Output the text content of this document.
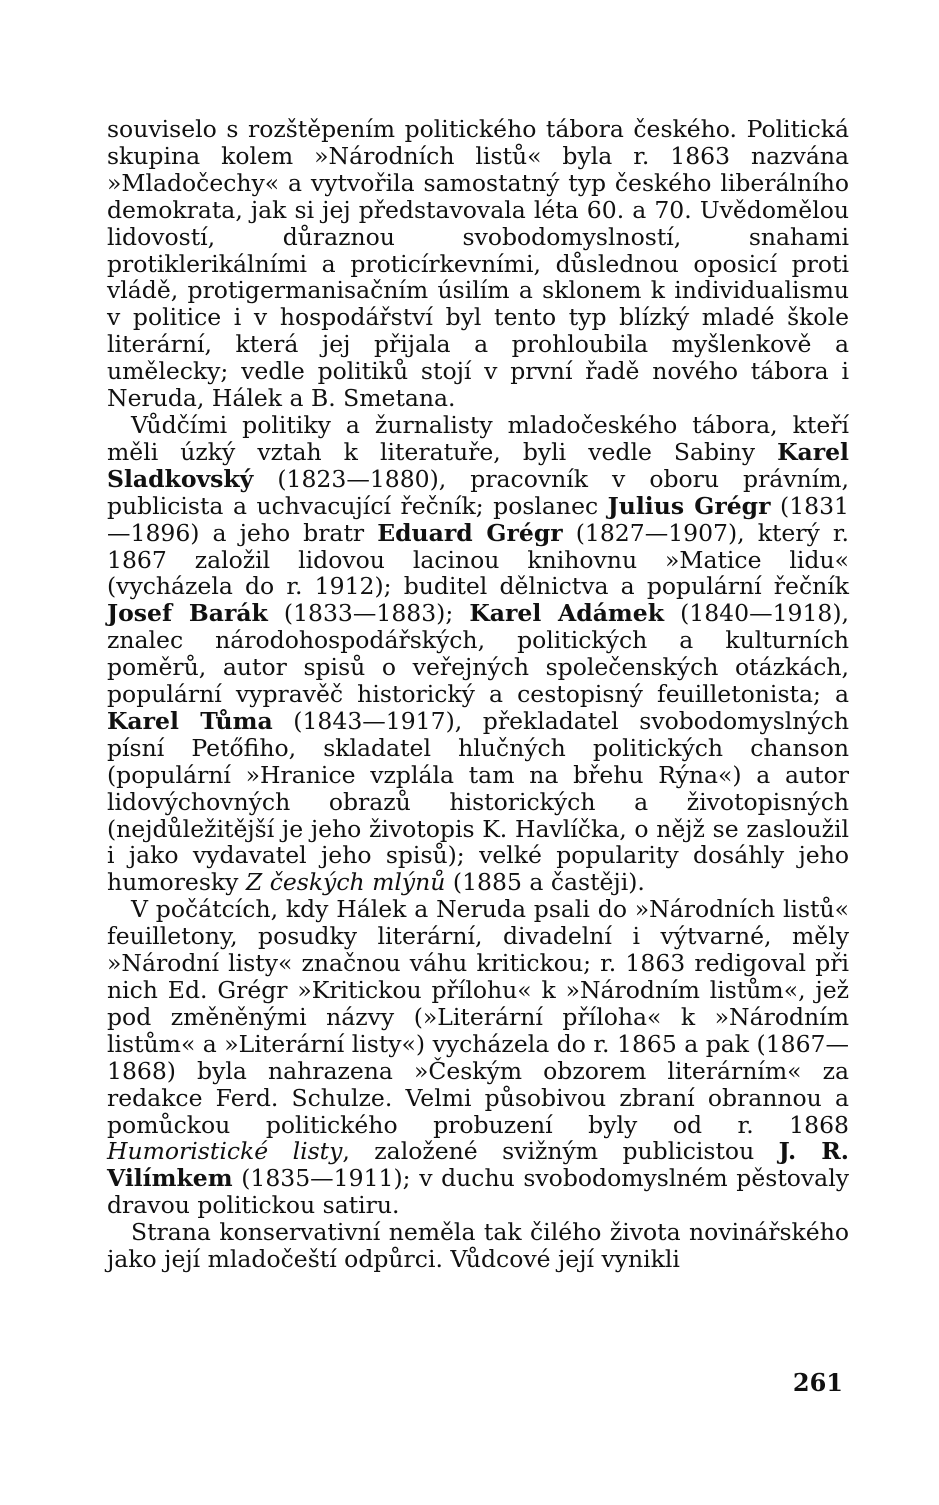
souviselo s rozštěpením politického tábora českého. Politická skupina kolem »Národních listů« byla r. 1863 nazvána »Mladočechy« a vytvořila samostatný typ českého liberálního demokrata, jak si jej představovala léta 60. a 70. Uvědomělou lidovostí, důraznou svobodomyslností, snahami protiklerikálními a proticírkevními, důslednou oposicí proti vládě, protigermanisačním úsilím a sklonem k individualismu v politice i v hospodářství byl tento typ blízký mladé škole literární, která jej přijala a prohloubila myšlenkově a umělecky; vedle politiků stojí v první řadě nového tábora i Neruda, Hálek a B. Smetana.

Vůdčími politiky a žurnalisty mladočeského tábora, kteří měli úzký vztah k literatuře, byli vedle Sabiny Karel Sladkovský (1823—1880), pracovník v oboru právním, publicista a uchvacující řečník; poslanec Julius Grégr (1831—1896) a jeho bratr Eduard Grégr (1827—1907), který r. 1867 založil lidovou lacinou knihovnu »Matice lidu« (vycházela do r. 1912); buditel dělnictva a populární řečník Josef Barák (1833—1883); Karel Adámek (1840—1918), znalec národohospodářských, politických a kulturních poměrů, autor spisů o veřejných společenských otázkách, populární vypravěč historický a cestopisný feuilletonista; a Karel Tůma (1843—1917), překladatel svobodomyslných písní Petőfiho, skladatel hlučných politických chanson (populární »Hranice vzplála tam na břehu Rýna«) a autor lidovýchovných obrazů historických a životopisných (nejdůležitější je jeho životopis K. Havlíčka, o nějž se zasloužil i jako vydavatel jeho spisů); velké popularity dosáhly jeho humoresky Z českých mlýnů (1885 a častěji).

V počátcích, kdy Hálek a Neruda psali do »Národních listů« feuilletony, posudky literární, divadelní i výtvarné, měly »Národní listy« značnou váhu kritickou; r. 1863 redigoval při nich Ed. Grégr »Kritickou přílohu« k »Národním listům«, jež pod změněnými názvy (»Literární příloha« k »Národním listům« a »Literární listy«) vycházela do r. 1865 a pak (1867—1868) byla nahrazena »Českým obzorem literárním« za redakce Ferd. Schulze. Velmi působivou zbraní obrannou a pomůckou politického probuzení byly od r. 1868 Humoristické listy, založené svižným publicistou J. R. Vilímkem (1835—1911); v duchu svobodomyslném pěstovaly dravou politickou satiru.

Strana konservativní neměla tak čilého života novinářského jako její mladočeští odpůrci. Vůdcové její vynikli

261
